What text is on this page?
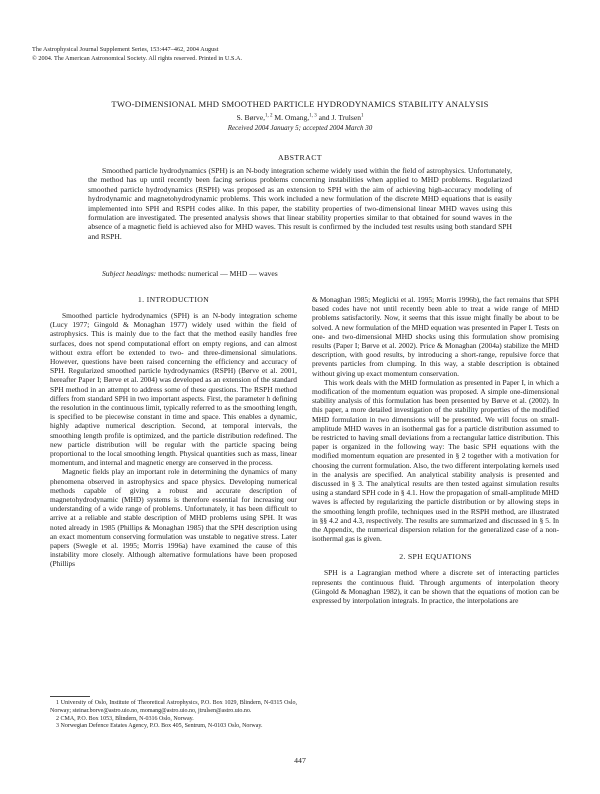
The Astrophysical Journal Supplement Series, 153:447–462, 2004 August
© 2004. The American Astronomical Society. All rights reserved. Printed in U.S.A.
TWO-DIMENSIONAL MHD SMOOTHED PARTICLE HYDRODYNAMICS STABILITY ANALYSIS
S. Børve,$^{1, 2}$ M. Omang,$^{1, 3}$ and J. Trulsen$^1$
Received 2004 January 5; accepted 2004 March 30
ABSTRACT

Smoothed particle hydrodynamics (SPH) is an N-body integration scheme widely used within the field of astrophysics. Unfortunately, the method has up until recently been facing serious problems concerning instabilities when applied to MHD problems. Regularized smoothed particle hydrodynamics (RSPH) was proposed as an extension to SPH with the aim of achieving high-accuracy modeling of hydrodynamic and magnetohydrodynamic problems. This work included a new formulation of the discrete MHD equations that is easily implemented into SPH and RSPH codes alike. In this paper, the stability properties of two-dimensional linear MHD waves using this formulation are investigated. The presented analysis shows that linear stability properties similar to that obtained for sound waves in the absence of a magnetic field is achieved also for MHD waves. This result is confirmed by the included test results using both standard SPH and RSPH.

Subject headings: methods: numerical — MHD — waves

1. INTRODUCTION

Smoothed particle hydrodynamics (SPH) is an N-body integration scheme (Lucy 1977; Gingold & Monaghan 1977) widely used within the field of astrophysics. This is mainly due to the fact that the method easily handles free surfaces, does not spend computational effort on empty regions, and can almost without extra effort be extended to two- and three-dimensional simulations. However, questions have been raised concerning the efficiency and accuracy of SPH. Regularized smoothed particle hydrodynamics (RSPH) (Børve et al. 2001, hereafter Paper I; Børve et al. 2004) was developed as an extension of the standard SPH method in an attempt to address some of these questions. The RSPH method differs from standard SPH in two important aspects. First, the parameter h defining the resolution in the continuous limit, typically referred to as the smoothing length, is specified to be piecewise constant in time and space. This enables a dynamic, highly adaptive numerical description. Second, at temporal intervals, the smoothing length profile is optimized, and the particle distribution redefined. The new particle distribution will be regular with the particle spacing being proportional to the local smoothing length. Physical quantities such as mass, linear momentum, and internal and magnetic energy are conserved in the process.

Magnetic fields play an important role in determining the dynamics of many phenomena observed in astrophysics and space physics. Developing numerical methods capable of giving a robust and accurate description of magnetohydrodynamic (MHD) systems is therefore essential for increasing our understanding of a wide range of problems. Unfortunately, it has been difficult to arrive at a reliable and stable description of MHD problems using SPH. It was noted already in 1985 (Phillips & Monaghan 1985) that the SPH description using an exact momentum conserving formulation was unstable to negative stress. Later papers (Swegle et al. 1995; Morris 1996a) have examined the cause of this instability more closely. Although alternative formulations have been proposed (Phillips

& Monaghan 1985; Meglicki et al. 1995; Morris 1996b), the fact remains that SPH based codes have not until recently been able to treat a wide range of MHD problems satisfactorily. Now, it seems that this issue might finally be about to be solved. A new formulation of the MHD equation was presented in Paper I. Tests on one- and two-dimensional MHD shocks using this formulation show promising results (Paper I; Børve et al. 2002). Price & Monaghan (2004a) stabilize the MHD description, with good results, by introducing a short-range, repulsive force that prevents particles from clumping. In this way, a stable description is obtained without giving up exact momentum conservation.

This work deals with the MHD formulation as presented in Paper I, in which a modification of the momentum equation was proposed. A simple one-dimensional stability analysis of this formulation has been presented by Børve et al. (2002). In this paper, a more detailed investigation of the stability properties of the modified MHD formulation in two dimensions will be presented. We will focus on small-amplitude MHD waves in an isothermal gas for a particle distribution assumed to be restricted to having small deviations from a rectangular lattice distribution. This paper is organized in the following way: The basic SPH equations with the modified momentum equation are presented in § 2 together with a motivation for choosing the current formulation. Also, the two different interpolating kernels used in the analysis are specified. An analytical stability analysis is presented and discussed in § 3. The analytical results are then tested against simulation results using a standard SPH code in § 4.1. How the propagation of small-amplitude MHD waves is affected by regularizing the particle distribution or by allowing steps in the smoothing length profile, techniques used in the RSPH method, are illustrated in §§ 4.2 and 4.3, respectively. The results are summarized and discussed in § 5. In the Appendix, the numerical dispersion relation for the generalized case of a non-isothermal gas is given.

2. SPH EQUATIONS

SPH is a Lagrangian method where a discrete set of interacting particles represents the continuous fluid. Through arguments of interpolation theory (Gingold & Monaghan 1982), it can be shown that the equations of motion can be expressed by interpolation integrals. In practice, the interpolations are

1 University of Oslo, Institute of Theoretical Astrophysics, P.O. Box 1029, Blindern, N-0315 Oslo, Norway; steinar.borve@astro.uio.no, momang@astro.uio.no, jtrulsen@astro.uio.no.

2 CMA, P.O. Box 1053, Blindern, N-0316 Oslo, Norway.

3 Norwegian Defence Estates Agency, P.O. Box 405, Sentrum, N-0103 Oslo, Norway.

447
